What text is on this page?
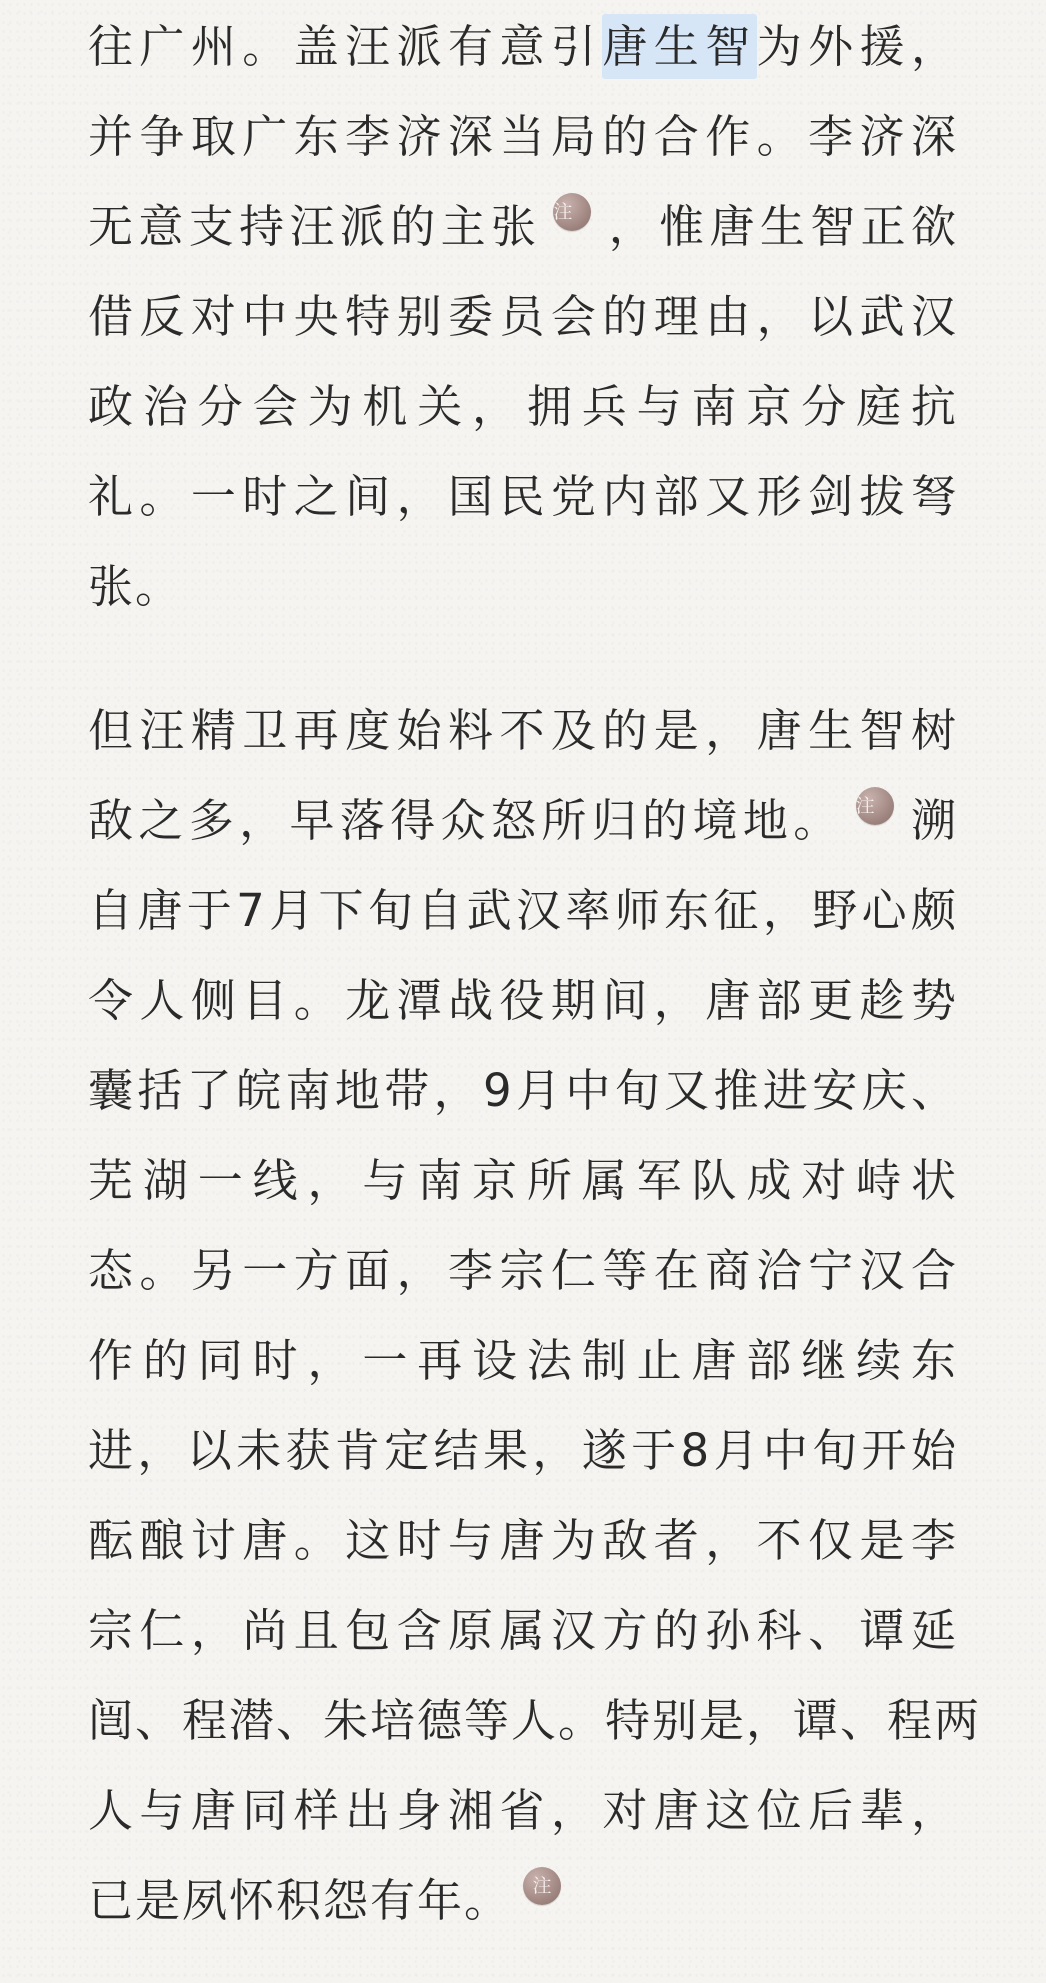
往广州。盖汪派有意引唐生智为外援，
并争取广东李济深当局的合作。李济深
无意支持汪派的主张 注 ，惟唐生智正欲
借反对中央特别委员会的理由，以武汉
政治分会为机关，拥兵与南京分庭抗
礼。一时之间，国民党内部又形剑拔弩
张。
但汪精卫再度始料不及的是，唐生智树
敌之多，早落得众怒所归的境地。 注 溯
自唐于7月下旬自武汉率师东征，野心颇
令人侧目。龙潭战役期间，唐部更趁势
囊括了皖南地带，9月中旬又推进安庆、
芜湖一线，与南京所属军队成对峙状
态。另一方面，李宗仁等在商洽宁汉合
作的同时，一再设法制止唐部继续东
进，以未获肯定结果，遂于8月中旬开始
酝酿讨唐。这时与唐为敌者，不仅是李
宗仁，尚且包含原属汉方的孙科、谭延
闿、程潜、朱培德等人。特别是，谭、程两
人与唐同样出身湘省，对唐这位后辈，
已是夙怀积怨有年。 注
